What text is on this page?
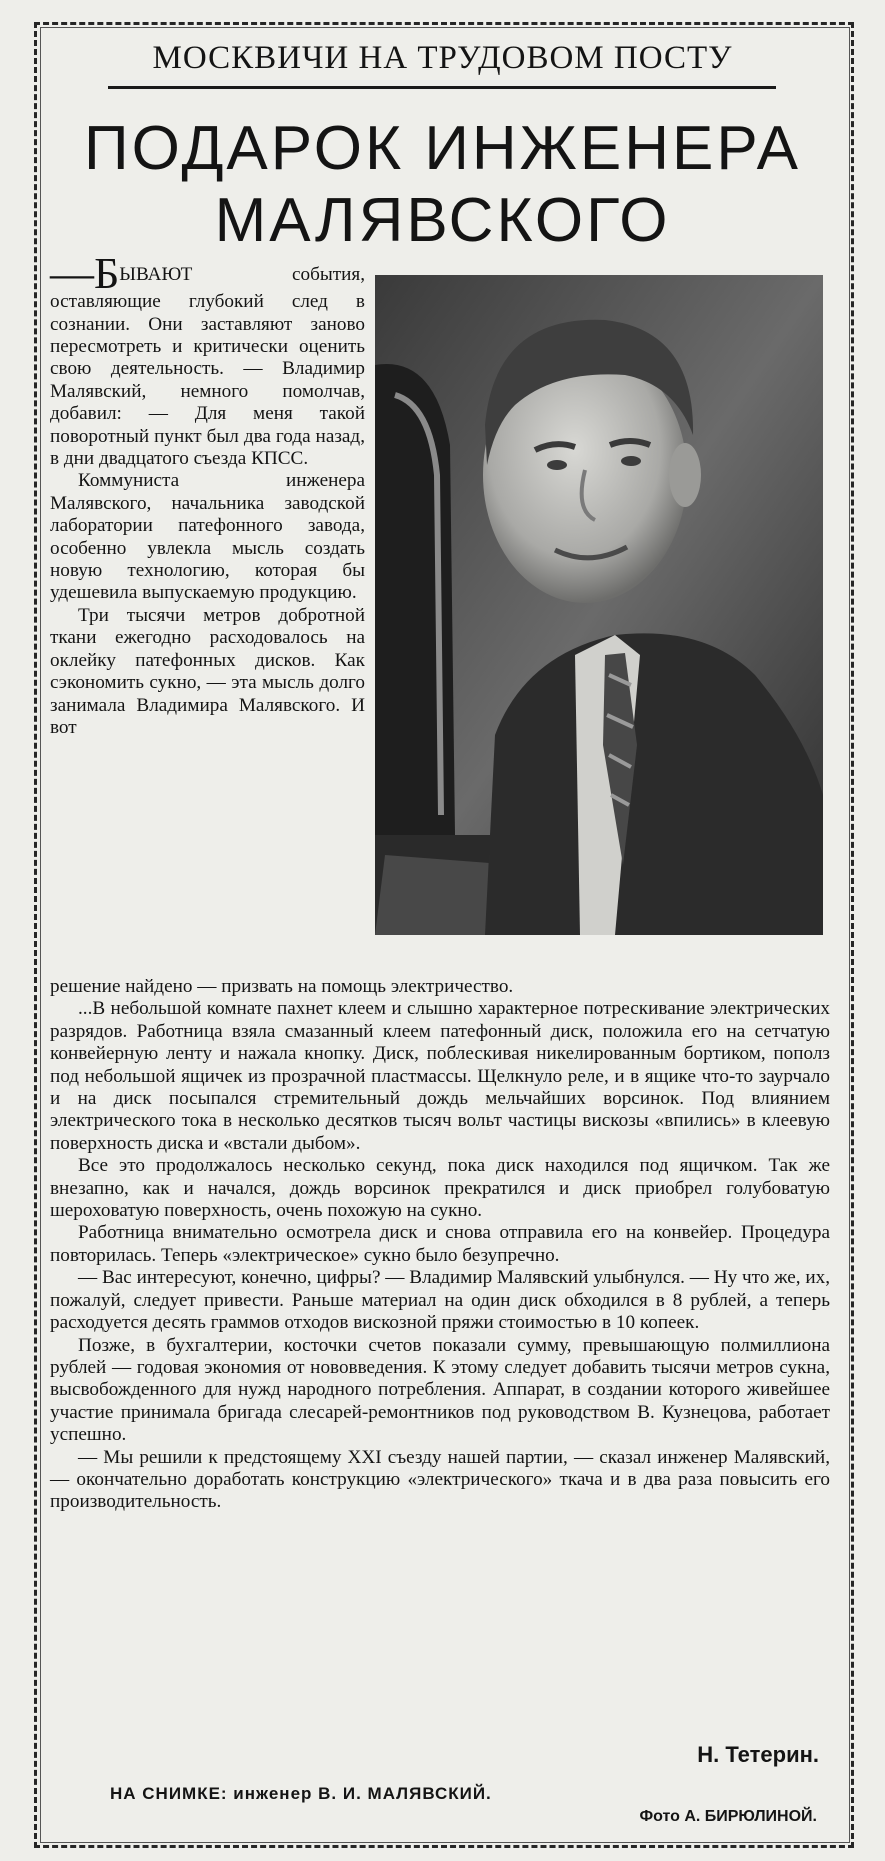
МОСКВИЧИ НА ТРУДОВОМ ПОСТУ
ПОДАРОК ИНЖЕНЕРА
МАЛЯВСКОГО

—БЫВАЮТ события, оставляющие глубокий след в сознании. Они заставляют заново пересмотреть и критически оценить свою деятельность. — Владимир Малявский, немного помолчав, добавил: — Для меня такой поворотный пункт был два года назад, в дни двадцатого съезда КПСС.

Коммуниста инженера Малявского, начальника заводской лаборатории патефонного завода, особенно увлекла мысль создать новую технологию, которая бы удешевила выпускаемую продукцию.

Три тысячи метров добротной ткани ежегодно расходовалось на оклейку патефонных дисков. Как сэкономить сукно, — эта мысль долго занимала Владимира Малявского. И вот

решение найдено — призвать на помощь электричество.

...В небольшой комнате пахнет клеем и слышно характерное потрескивание электрических разрядов. Работница взяла смазанный клеем патефонный диск, положила его на сетчатую конвейерную ленту и нажала кнопку. Диск, поблескивая никелированным бортиком, пополз под небольшой ящичек из прозрачной пластмассы. Щелкнуло реле, и в ящике что-то заурчало и на диск посыпался стремительный дождь мельчайших ворсинок. Под влиянием электрического тока в несколько десятков тысяч вольт частицы вискозы «впились» в клеевую поверхность диска и «встали дыбом».

Все это продолжалось несколько секунд, пока диск находился под ящичком. Так же внезапно, как и начался, дождь ворсинок прекратился и диск приобрел голубоватую шероховатую поверхность, очень похожую на сукно.

Работница внимательно осмотрела диск и снова отправила его на конвейер. Процедура повторилась. Теперь «электрическое» сукно было безупречно.

— Вас интересуют, конечно, цифры? — Владимир Малявский улыбнулся. — Ну что же, их, пожалуй, следует привести. Раньше материал на один диск обходился в 8 рублей, а теперь расходуется десять граммов отходов вискозной пряжи стоимостью в 10 копеек.

Позже, в бухгалтерии, косточки счетов показали сумму, превышающую полмиллиона рублей — годовая экономия от нововведения. К этому следует добавить тысячи метров сукна, высвобожденного для нужд народного потребления. Аппарат, в создании которого живейшее участие принимала бригада слесарей-ремонтников под руководством В. Кузнецова, работает успешно.

— Мы решили к предстоящему XXI съезду нашей партии, — сказал инженер Малявский, — окончательно доработать конструкцию «электрического» ткача и в два раза повысить его производительность.

Н. Тетерин.
НА СНИМКЕ: инженер В. И. МАЛЯВСКИЙ.
Фото А. БИРЮЛИНОЙ.
